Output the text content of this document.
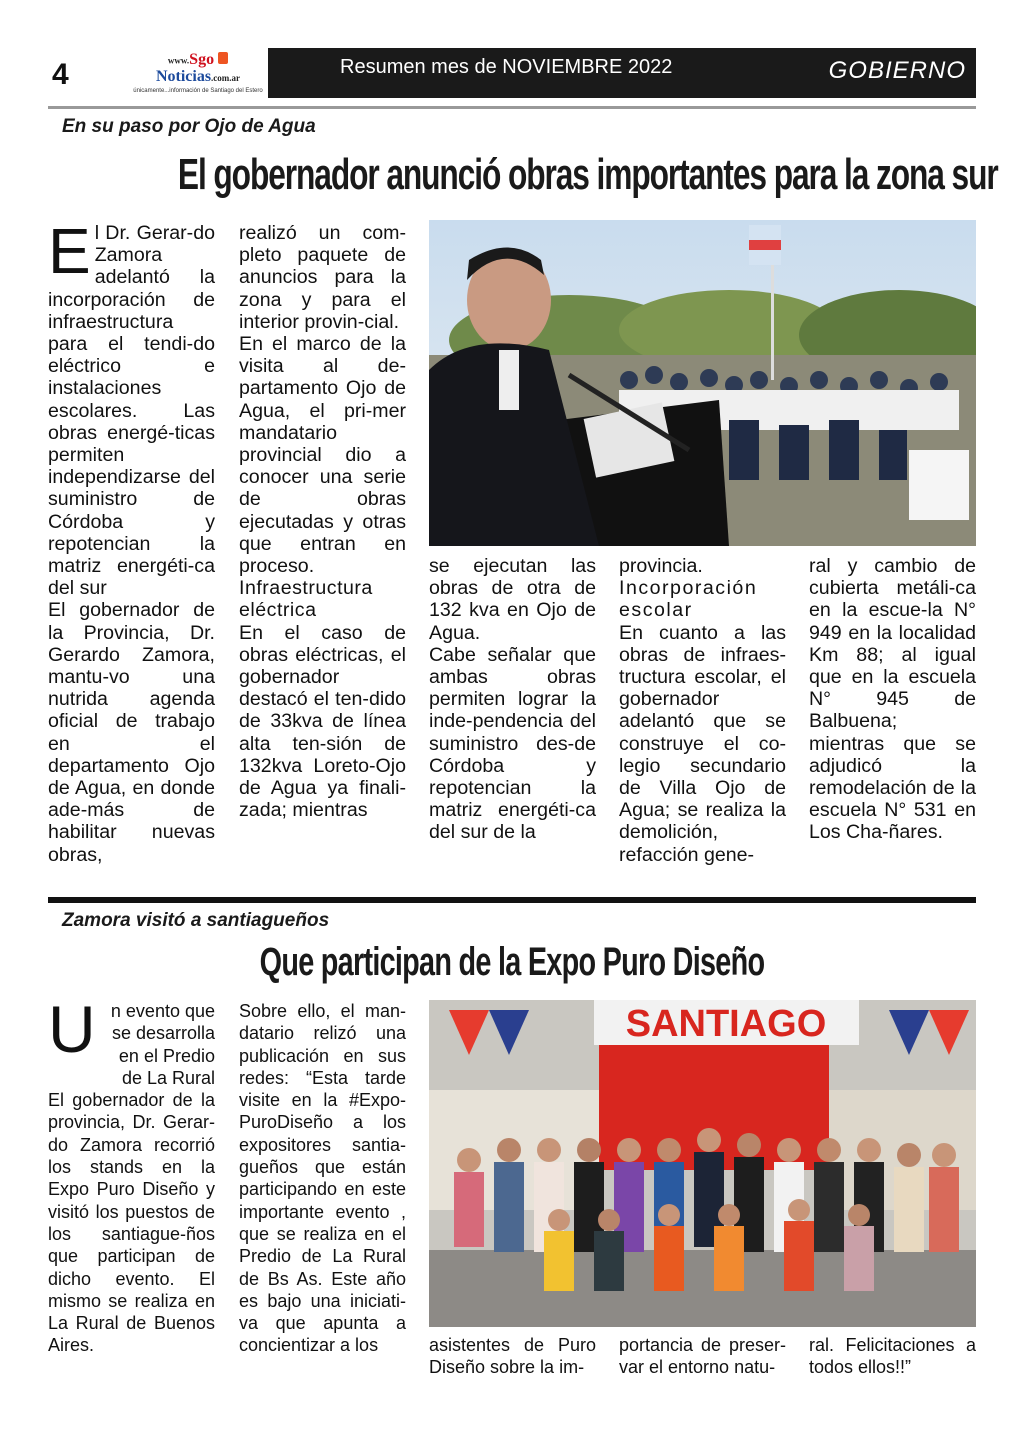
4	www.Sgo
Noticias.com.ar
únicamente...información de Santiago del Estero
Resumen mes de NOVIEMBRE 2022	GOBIERNO
En su paso por Ojo de Agua
El gobernador anunció obras importantes para la zona sur
E l Dr. Gerar-do Zamora adelantó la incorporación de infraestructura para el tendi-do eléctrico e instalaciones escolares. Las obras energé-ticas permiten independizarse del suministro de Córdoba y repotencian la matriz energéti-ca del sur

El gobernador de la Provincia, Dr. Gerardo Zamora, mantu-vo una nutrida agenda oficial de trabajo en el departamento Ojo de Agua, en donde ade-más de habilitar nuevas obras,

realizó un com-pleto paquete de anuncios para la zona y para el interior provin-cial.

En el marco de la visita al de-partamento Ojo de Agua, el pri-mer mandatario provincial dio a conocer una serie de obras ejecutadas y otras que entran en proceso.

Infraestructura eléctrica

En el caso de obras eléctricas, el gobernador destacó el ten-dido de 33kva de línea alta ten-sión de 132kva Loreto-Ojo de Agua ya finali-zada; mientras

se ejecutan las obras de otra de 132 kva en Ojo de Agua.

Cabe señalar que ambas obras permiten lograr la inde-pendencia del suministro des-de Córdoba y repotencian la matriz energéti-ca del sur de la

provincia.

Incorporación escolar

En cuanto a las obras de infraes-tructura escolar, el gobernador adelantó que se construye el co-legio secundario de Villa Ojo de Agua; se realiza la demolición, refacción gene-

ral y cambio de cubierta metáli-ca en la escue-la N° 949 en la localidad Km 88; al igual que en la escuela N° 945 de Balbuena; mientras que se adjudicó la remodelación de la escuela N° 531 en Los Cha-ñares.

Zamora visitó a santiagueños
Que participan de la Expo Puro Diseño
U n evento que se desarrolla en el Predio de La Rural

El gobernador de la provincia, Dr. Gerar-do Zamora recorrió los stands en la Expo Puro Diseño y visitó los puestos de los santiague-ños que participan de dicho evento. El mismo se realiza en La Rural de Buenos Aires.

Sobre ello, el man-datario relizó una publicación en sus redes: “Esta tarde visite en la #Expo-PuroDiseño a los expositores santia-gueños que están participando en este importante evento , que se realiza en el Predio de La Rural de Bs As. Este año es bajo una iniciati-va que apunta a concientizar a los

SANTIAGO

asistentes de Puro Diseño sobre la im-

portancia de preser-var el entorno natu-

ral. Felicitaciones a todos ellos!!”
